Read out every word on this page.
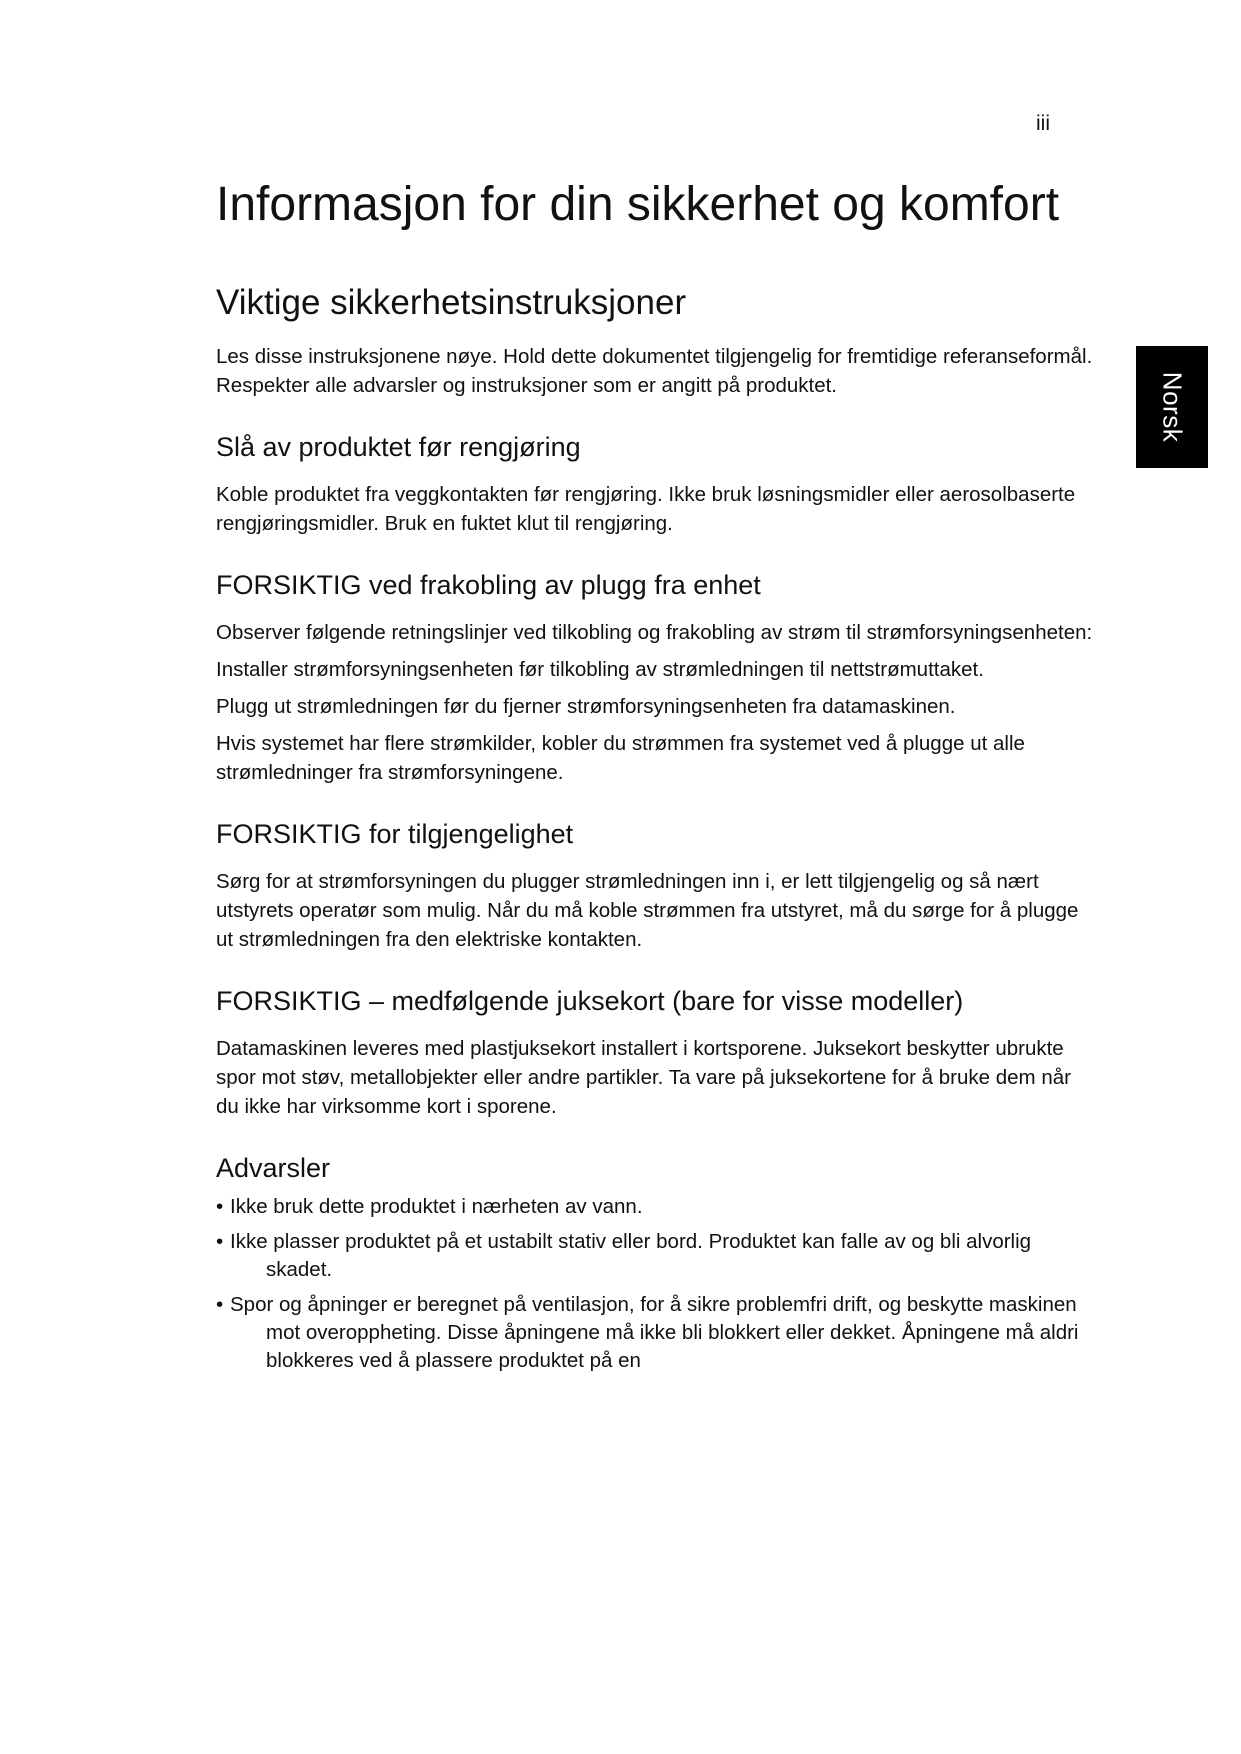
iii
Norsk
Informasjon for din sikkerhet og komfort
Viktige sikkerhetsinstruksjoner

Les disse instruksjonene nøye. Hold dette dokumentet tilgjengelig for fremtidige referanseformål. Respekter alle advarsler og instruksjoner som er angitt på produktet.

Slå av produktet før rengjøring

Koble produktet fra veggkontakten før rengjøring. Ikke bruk løsningsmidler eller aerosolbaserte rengjøringsmidler. Bruk en fuktet klut til rengjøring.

FORSIKTIG ved frakobling av plugg fra enhet

Observer følgende retningslinjer ved tilkobling og frakobling av strøm til strømforsyningsenheten:

Installer strømforsyningsenheten før tilkobling av strømledningen til nettstrømuttaket.

Plugg ut strømledningen før du fjerner strømforsyningsenheten fra datamaskinen.

Hvis systemet har flere strømkilder, kobler du strømmen fra systemet ved å plugge ut alle strømledninger fra strømforsyningene.

FORSIKTIG for tilgjengelighet

Sørg for at strømforsyningen du plugger strømledningen inn i, er lett tilgjengelig og så nært utstyrets operatør som mulig. Når du må koble strømmen fra utstyret, må du sørge for å plugge ut strømledningen fra den elektriske kontakten.

FORSIKTIG – medfølgende juksekort (bare for visse modeller)

Datamaskinen leveres med plastjuksekort installert i kortsporene. Juksekort beskytter ubrukte spor mot støv, metallobjekter eller andre partikler. Ta vare på juksekortene for å bruke dem når du ikke har virksomme kort i sporene.

Advarsler
• Ikke bruk dette produktet i nærheten av vann.
• Ikke plasser produktet på et ustabilt stativ eller bord. Produktet kan falle av og bli alvorlig skadet.
• Spor og åpninger er beregnet på ventilasjon, for å sikre problemfri drift, og beskytte maskinen mot overoppheting. Disse åpningene må ikke bli blokkert eller dekket. Åpningene må aldri blokkeres ved å plassere produktet på en
